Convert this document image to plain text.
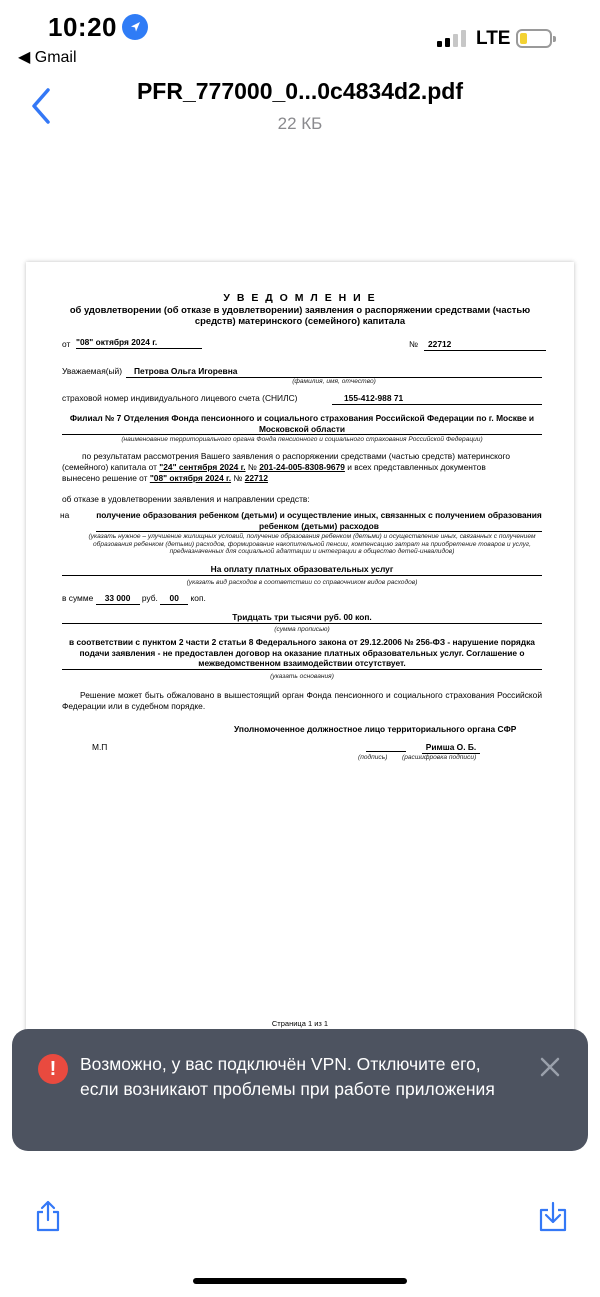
10:20
◀ Gmail
LTE
PFR_777000_0...0c4834d2.pdf
22 КБ
У В Е Д О М Л Е Н И Е
об удовлетворении (об отказе в удовлетворении) заявления о распоряжении средствами (частью средств) материнского (семейного) капитала
от "08" октября 2024 г.	№	22712
Уважаемая(ый)	Петрова Ольга Игоревна
(фамилия, имя, отчество)
страховой номер индивидуального лицевого счета (СНИЛС)	155-412-988 71
Филиал № 7 Отделения Фонда пенсионного и социального страхования Российской Федерации по г. Москве и Московской области
(наименование территориального органа Фонда пенсионного и социального страхования Российской Федерации)
по результатам рассмотрения Вашего заявления о распоряжении средствами (частью средств) материнского
(семейного) капитала от "24" сентября 2024 г. № 201-24-005-8308-9679 и всех представленных документов
вынесено решение от "08" октября 2024 г. № 22712
об отказе в удовлетворении заявления и направлении средств:
на	получение образования ребенком (детьми) и осуществление иных, связанных с получением образования ребенком (детьми) расходов
(указать нужное – улучшение жилищных условий, получение образования ребенком (детьми) и осуществление иных, связанных с получением образования ребенком (детьми) расходов, формирование накопительной пенсии, компенсацию затрат на приобретение товаров и услуг, предназначенных для социальной адаптации и интеграции в общество детей-инвалидов)
На оплату платных образовательных услуг
(указать вид расходов в соответствии со справочником видов расходов)
в сумме 33 000 руб. 00 коп.
Тридцать три тысячи руб. 00 коп.
(сумма прописью)
в соответствии с пунктом 2 части 2 статьи 8 Федерального закона от 29.12.2006 № 256-ФЗ - нарушение порядка подачи заявления - не предоставлен договор на оказание платных образовательных услуг. Соглашение о межведомственном взаимодействии отсутствует.
(указать основания)
Решение может быть обжаловано в вышестоящий орган Фонда пенсионного и социального страхования Российской Федерации или в судебном порядке.
Уполномоченное должностное лицо территориального органа СФР
М.П	Римша О. Б.
(подпись) (расшифровка подписи)
Страница 1 из 1
!	Возможно, у вас подключён VPN. Отключите его, если возникают проблемы при работе приложения
